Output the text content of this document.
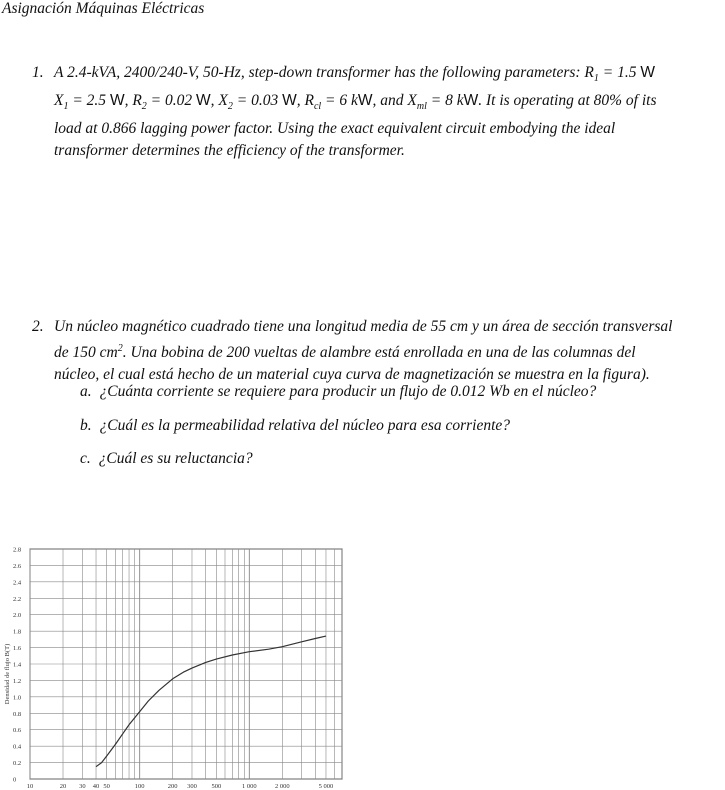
Asignación Máquinas Eléctricas
1. A 2.4-kVA, 2400/240-V, 50-Hz, step-down transformer has the following parameters: $R_1 = 1.5$ W
$X_1 = 2.5$ W, $R_2 = 0.02$ W, $X_2 = 0.03$ W, $R_{cl} = 6$ kW, and $X_{ml} = 8$ kW. It is operating at 80% of its
load at 0.866 lagging power factor. Using the exact equivalent circuit embodying the ideal
transformer determines the efficiency of the transformer.
2. Un núcleo magnético cuadrado tiene una longitud media de 55 cm y un área de sección transversal
de 150 $cm^2$. Una bobina de 200 vueltas de alambre está enrollada en una de las columnas del
núcleo, el cual está hecho de un material cuya curva de magnetización se muestra en la figura).
a. ¿Cuánta corriente se requiere para producir un flujo de 0.012 Wb en el núcleo?
b. ¿Cuál es la permeabilidad relativa del núcleo para esa corriente?
c. ¿Cuál es su reluctancia?
0
0.2
0.4
0.6
0.8
1.0
1.2
1.4
1.6
1.8
2.0
2.2
2.4
2.6
2.8
10	20 30 40 50	100	200 300 500	1 000	2 000	5 000
Densidad de flujo B(T)
